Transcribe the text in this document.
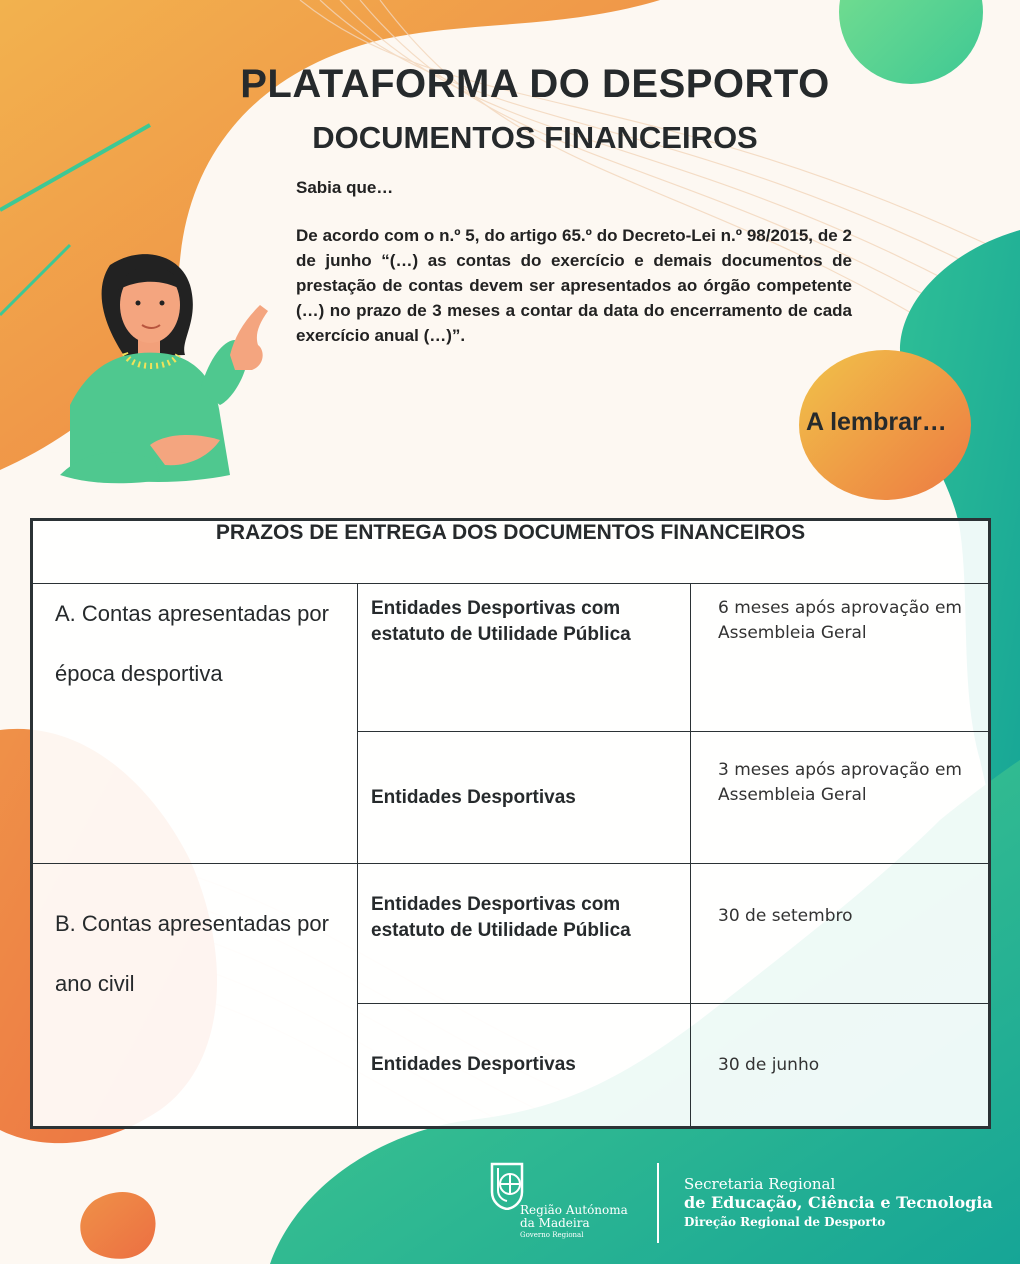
PLATAFORMA DO DESPORTO
DOCUMENTOS FINANCEIROS
Sabia que…
De acordo com o n.º 5, do artigo 65.º do Decreto-Lei n.º 98/2015, de 2 de junho “(…) as contas do exercício e demais documentos de prestação de contas devem ser apresentados ao órgão competente (…) no prazo de 3 meses a contar da data do encerramento de cada exercício anual (…)”.
A lembrar…
PRAZOS DE ENTREGA DOS DOCUMENTOS FINANCEIROS		
A. Contas apresentadas por época desportiva	Entidades Desportivas com estatuto de Utilidade Pública	6 meses após aprovação em Assembleia Geral
	Entidades Desportivas	3 meses após aprovação em Assembleia Geral
B. Contas apresentadas por ano civil	Entidades Desportivas com estatuto de Utilidade Pública	30 de setembro
	Entidades Desportivas	30 de junho
Região Autónoma
da Madeira
Governo Regional
Secretaria Regional
de Educação, Ciência e Tecnologia
Direção Regional de Desporto
